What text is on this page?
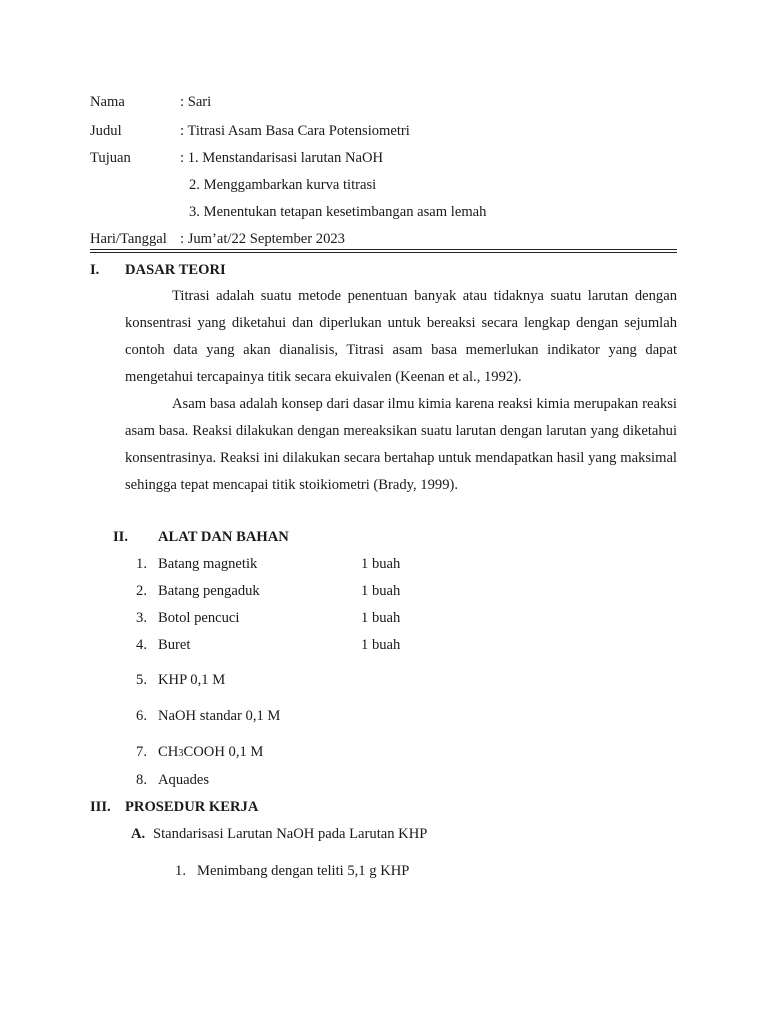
Nama	: Sari
Judul	: Titrasi Asam Basa Cara Potensiometri
Tujuan	: 1. Menstandarisasi larutan NaOH
2. Menggambarkan kurva titrasi
3. Menentukan tetapan kesetimbangan asam lemah
Hari/Tanggal : Jum’at/22 September 2023
I. DASAR TEORI

Titrasi adalah suatu metode penentuan banyak atau tidaknya suatu larutan dengan konsentrasi yang diketahui dan diperlukan untuk bereaksi secara lengkap dengan sejumlah contoh data yang akan dianalisis, Titrasi asam basa memerlukan indikator yang dapat mengetahui tercapainya titik secara ekuivalen (Keenan et al., 1992).

Asam basa adalah konsep dari dasar ilmu kimia karena reaksi kimia merupakan reaksi asam basa. Reaksi dilakukan dengan mereaksikan suatu larutan dengan larutan yang diketahui konsentrasinya. Reaksi ini dilakukan secara bertahap untuk mendapatkan hasil yang maksimal sehingga tepat mencapai titik stoikiometri (Brady, 1999).

II. ALAT DAN BAHAN
1. Batang magnetik	1 buah
2. Batang pengaduk	1 buah
3. Botol pencuci	1 buah
4. Buret	1 buah
5. KHP 0,1 M
6. NaOH standar 0,1 M
7. CH3COOH 0,1 M
8. Aquades
III. PROSEDUR KERJA
A. Standarisasi Larutan NaOH pada Larutan KHP
1. Menimbang dengan teliti 5,1 g KHP
